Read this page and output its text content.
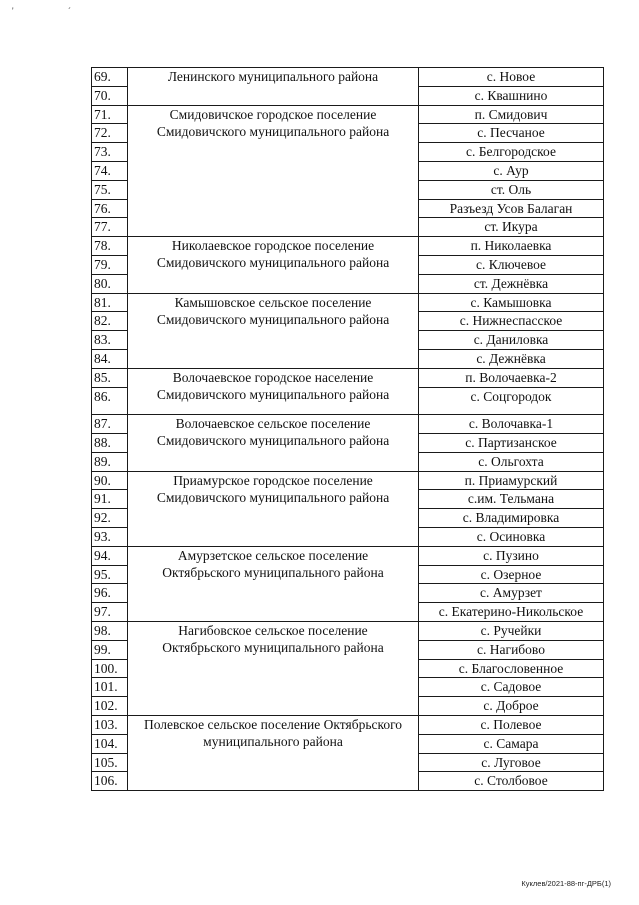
' ˊ
69.	Ленинского муниципального района	с. Новое
70.		с. Квашнино
71.	Смидовичское городское поселение Смидовичского муниципального района	п. Смидович
72.		с. Песчаное
73.		с. Белгородское
74.		с. Аур
75.		ст. Оль
76.		Разъезд Усов Балаган
77.		ст. Икура
78.	Николаевское городское поселение Смидовичского муниципального района	п. Николаевка
79.		с. Ключевое
80.		ст. Дежнёвка
81.	Камышовское сельское поселение Смидовичского муниципального района	с. Камышовка
82.		с. Нижнеспасское
83.		с. Даниловка
84.		с. Дежнёвка
85.	Волочаевское городское население Смидовичского муниципального района	п. Волочаевка-2
86.		с. Соцгородок
87.	Волочаевское сельское поселение Смидовичского муниципального района	с. Волочавка-1
88.		с. Партизанское
89.		с. Ольгохта
90.	Приамурское городское поселение Смидовичского муниципального района	п. Приамурский
91.		с.им. Тельмана
92.		с. Владимировка
93.		с. Осиновка
94.	Амурзетское сельское поселение Октябрьского муниципального района	с. Пузино
95.		с. Озерное
96.		с. Амурзет
97.		с. Екатерино-Никольское
98.	Нагибовское сельское поселение Октябрьского муниципального района	с. Ручейки
99.		с. Нагибово
100.		с. Благословенное
101.		с. Садовое
102.		с. Доброе
103.	Полевское сельское поселение Октябрьского муниципального района	с. Полевое
104.		с. Самара
105.		с. Луговое
106.		с. Столбовое
Куклев/2021-88-пг-ДРБ(1)
